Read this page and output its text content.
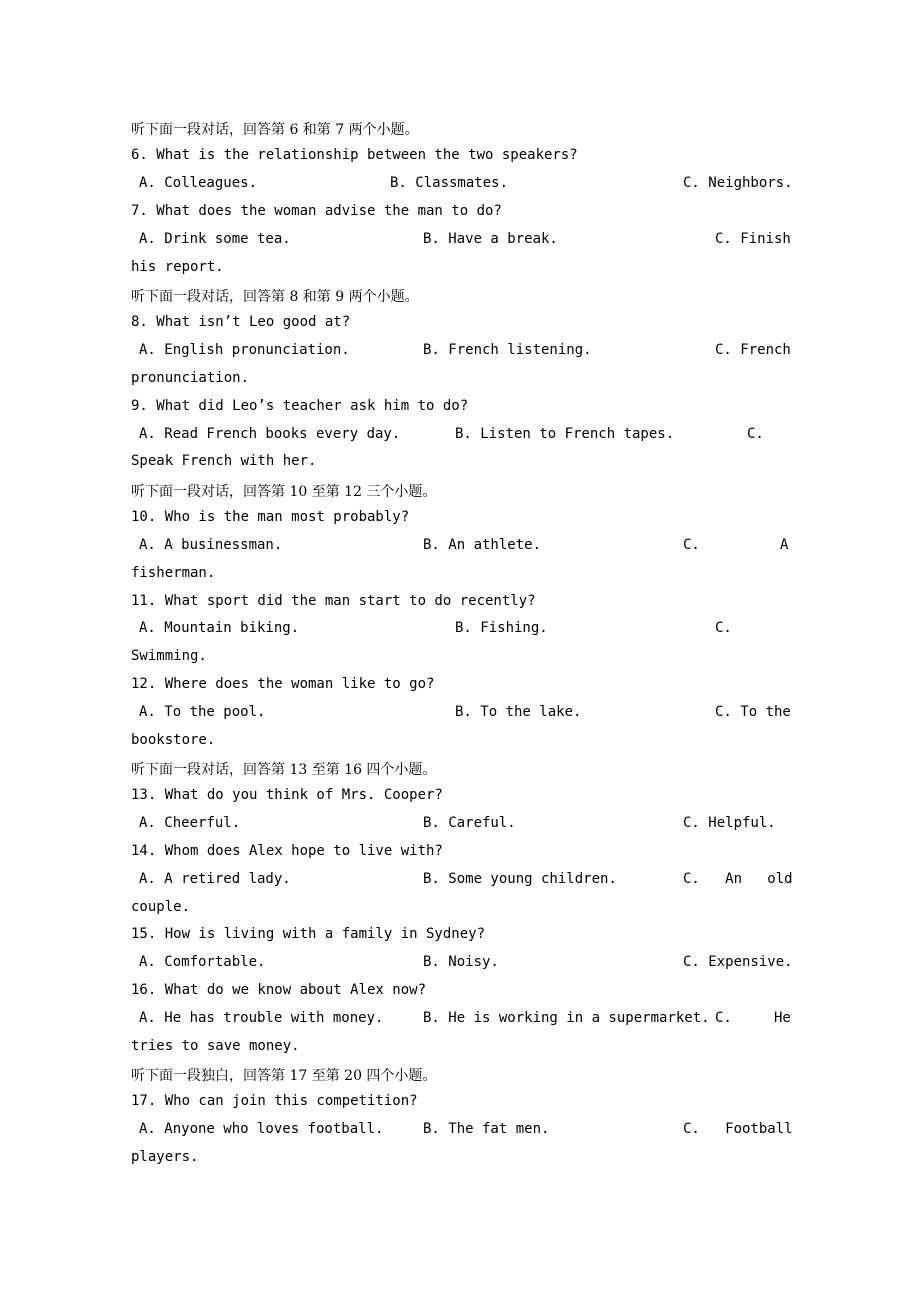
听下面一段对话，回答第 6 和第 7 两个小题。
6. What is the relationship between the two speakers?
A. Colleagues.	B. Classmates.	C. Neighbors.
7. What does the woman advise the man to do?
A. Drink some tea.	B. Have a break.	C. Finish
his report.
听下面一段对话，回答第 8 和第 9 两个小题。
8. What isn’t Leo good at?
A. English pronunciation.	B. French listening.	C. French
pronunciation.
9. What did Leo’s teacher ask him to do?
A. Read French books every day.	B. Listen to French tapes.	C.
Speak French with her.
听下面一段对话，回答第 10 至第 12 三个小题。
10. Who is the man most probably?
A. A businessman.	B. An athlete.	C.	A
fisherman.
11. What sport did the man start to do recently?
A. Mountain biking.	B. Fishing.	C.
Swimming.
12. Where does the woman like to go?
A. To the pool.	B. To the lake.	C. To the
bookstore.
听下面一段对话，回答第 13 至第 16 四个小题。
13. What do you think of Mrs. Cooper?
A. Cheerful.	B. Careful.	C. Helpful.
14. Whom does Alex hope to live with?
A. A retired lady.	B. Some young children.	C.   An   old
couple.
15. How is living with a family in Sydney?
A. Comfortable.	B. Noisy.	C. Expensive.
16. What do we know about Alex now?
A. He has trouble with money.	B. He is working in a supermarket. C.     He
tries to save money.
听下面一段独白，回答第 17 至第 20 四个小题。
17. Who can join this competition?
A. Anyone who loves football.	B. The fat men.	C.   Football
players.
